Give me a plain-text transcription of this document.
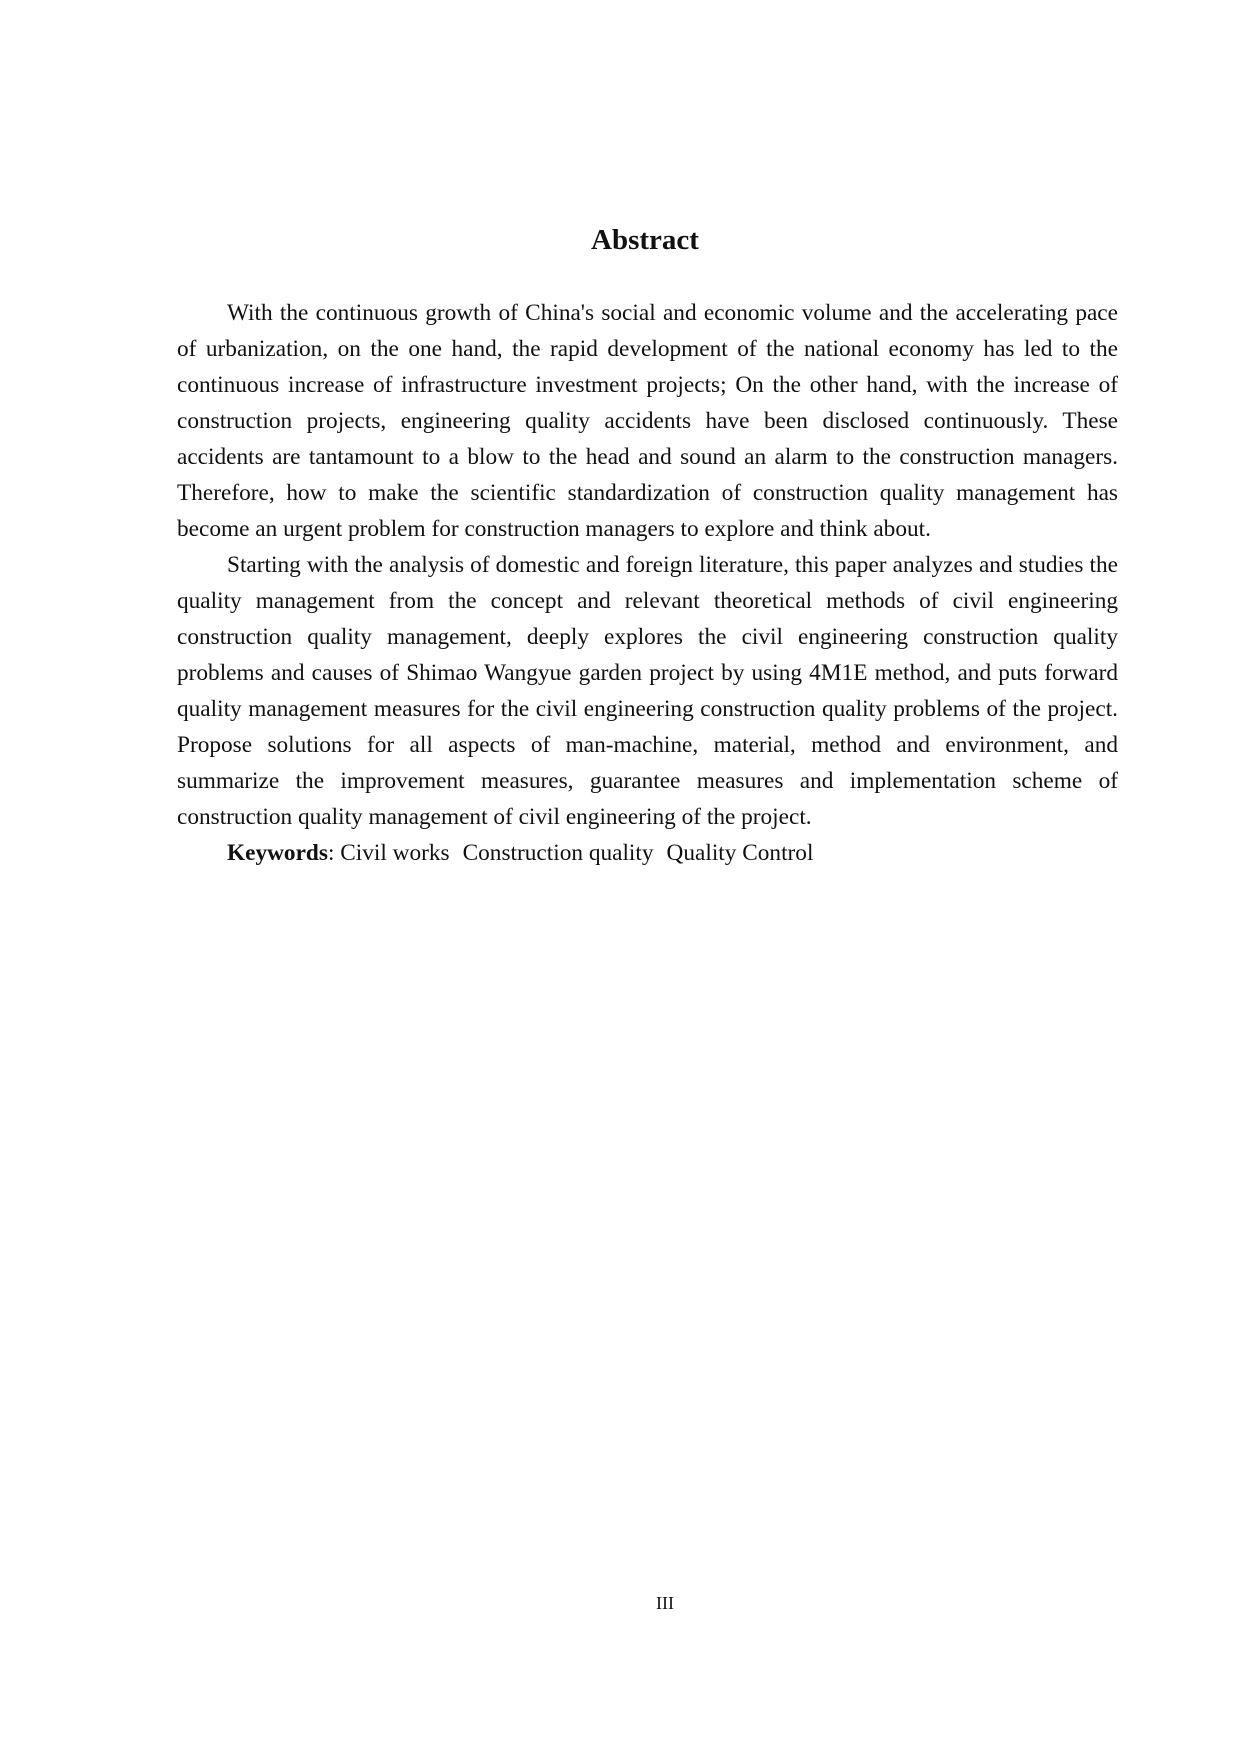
Abstract

With the continuous growth of China's social and economic volume and the accelerating pace of urbanization, on the one hand, the rapid development of the national economy has led to the continuous increase of infrastructure investment projects; On the other hand, with the increase of construction projects, engineering quality accidents have been disclosed continuously. These accidents are tantamount to a blow to the head and sound an alarm to the construction managers. Therefore, how to make the scientific standardization of construction quality management has become an urgent problem for construction managers to explore and think about.

Starting with the analysis of domestic and foreign literature, this paper analyzes and studies the quality management from the concept and relevant theoretical methods of civil engineering construction quality management, deeply explores the civil engineering construction quality problems and causes of Shimao Wangyue garden project by using 4M1E method, and puts forward quality management measures for the civil engineering construction quality problems of the project. Propose solutions for all aspects of man-machine, material, method and environment, and summarize the improvement measures, guarantee measures and implementation scheme of construction quality management of civil engineering of the project.

Keywords: Civil works Construction quality Quality Control

III
